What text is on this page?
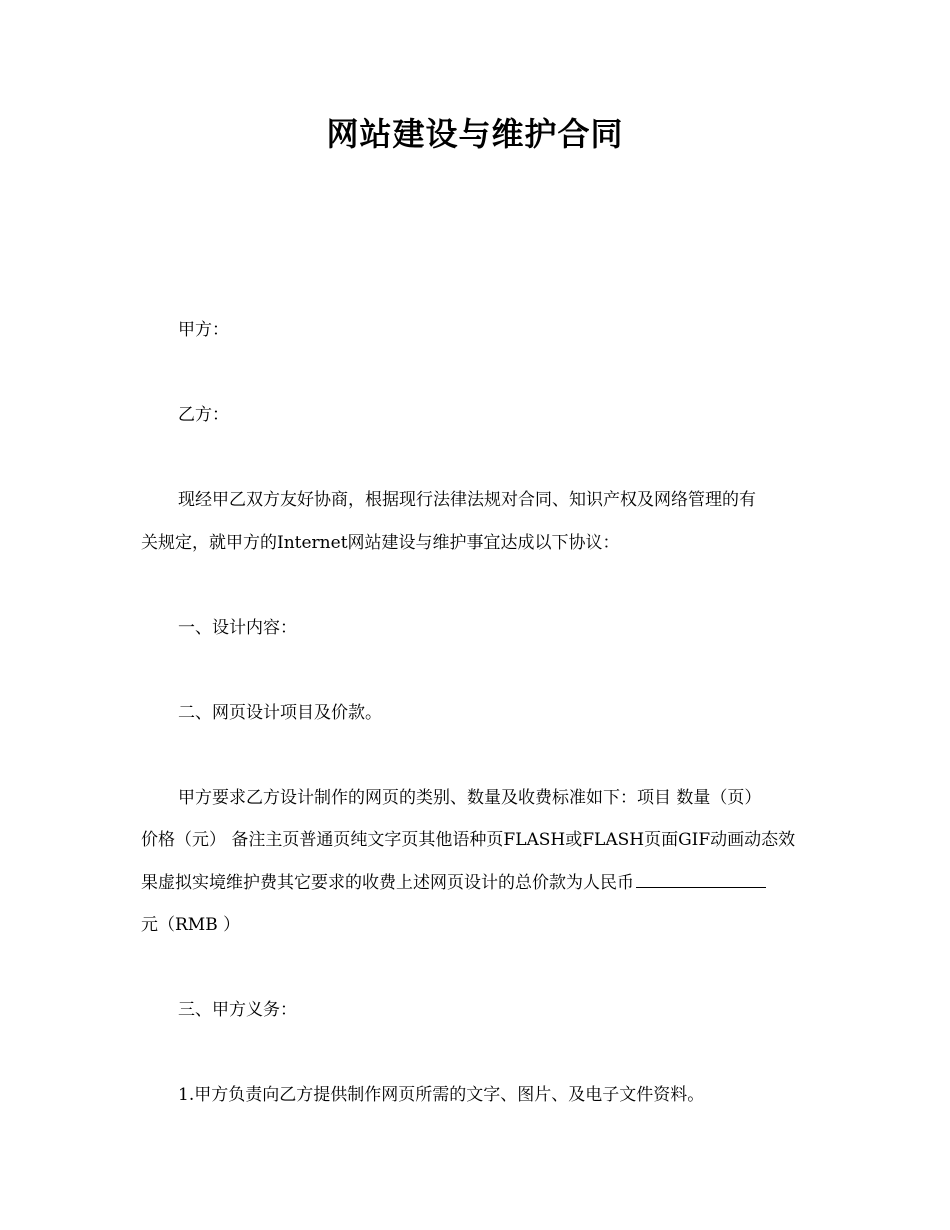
网站建设与维护合同
甲方：
乙方：
现经甲乙双方友好协商，根据现行法律法规对合同、知识产权及网络管理的有
关规定，就甲方的Internet网站建设与维护事宜达成以下协议：
一、设计内容：
二、网页设计项目及价款。
甲方要求乙方设计制作的网页的类别、数量及收费标准如下：项目 数量（页）
价格（元） 备注主页普通页纯文字页其他语种页FLASH或FLASH页面GIF动画动态效
果虚拟实境维护费其它要求的收费上述网页设计的总价款为人民币
元（RMB ）
三、甲方义务：
1.甲方负责向乙方提供制作网页所需的文字、图片、及电子文件资料。
